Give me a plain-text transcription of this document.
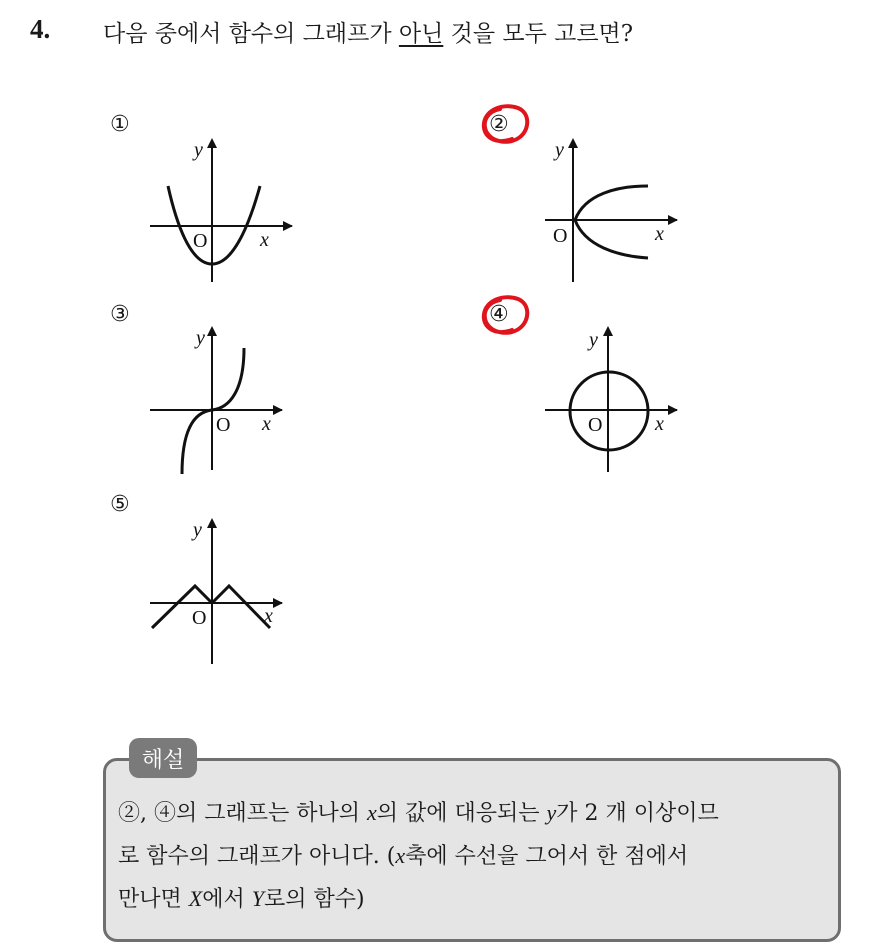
4. 다음 중에서 함수의 그래프가 아닌 것을 모두 고르면?
①
x
y
O
②
x
y
O
③
x
y
O
④
x
y
O
⑤
x
y
O
해설
②, ④의 그래프는 하나의 x의 값에 대응되는 y가 2 개 이상이므
로 함수의 그래프가 아니다. (x축에 수선을 그어서 한 점에서
만나면 X에서 Y로의 함수)
